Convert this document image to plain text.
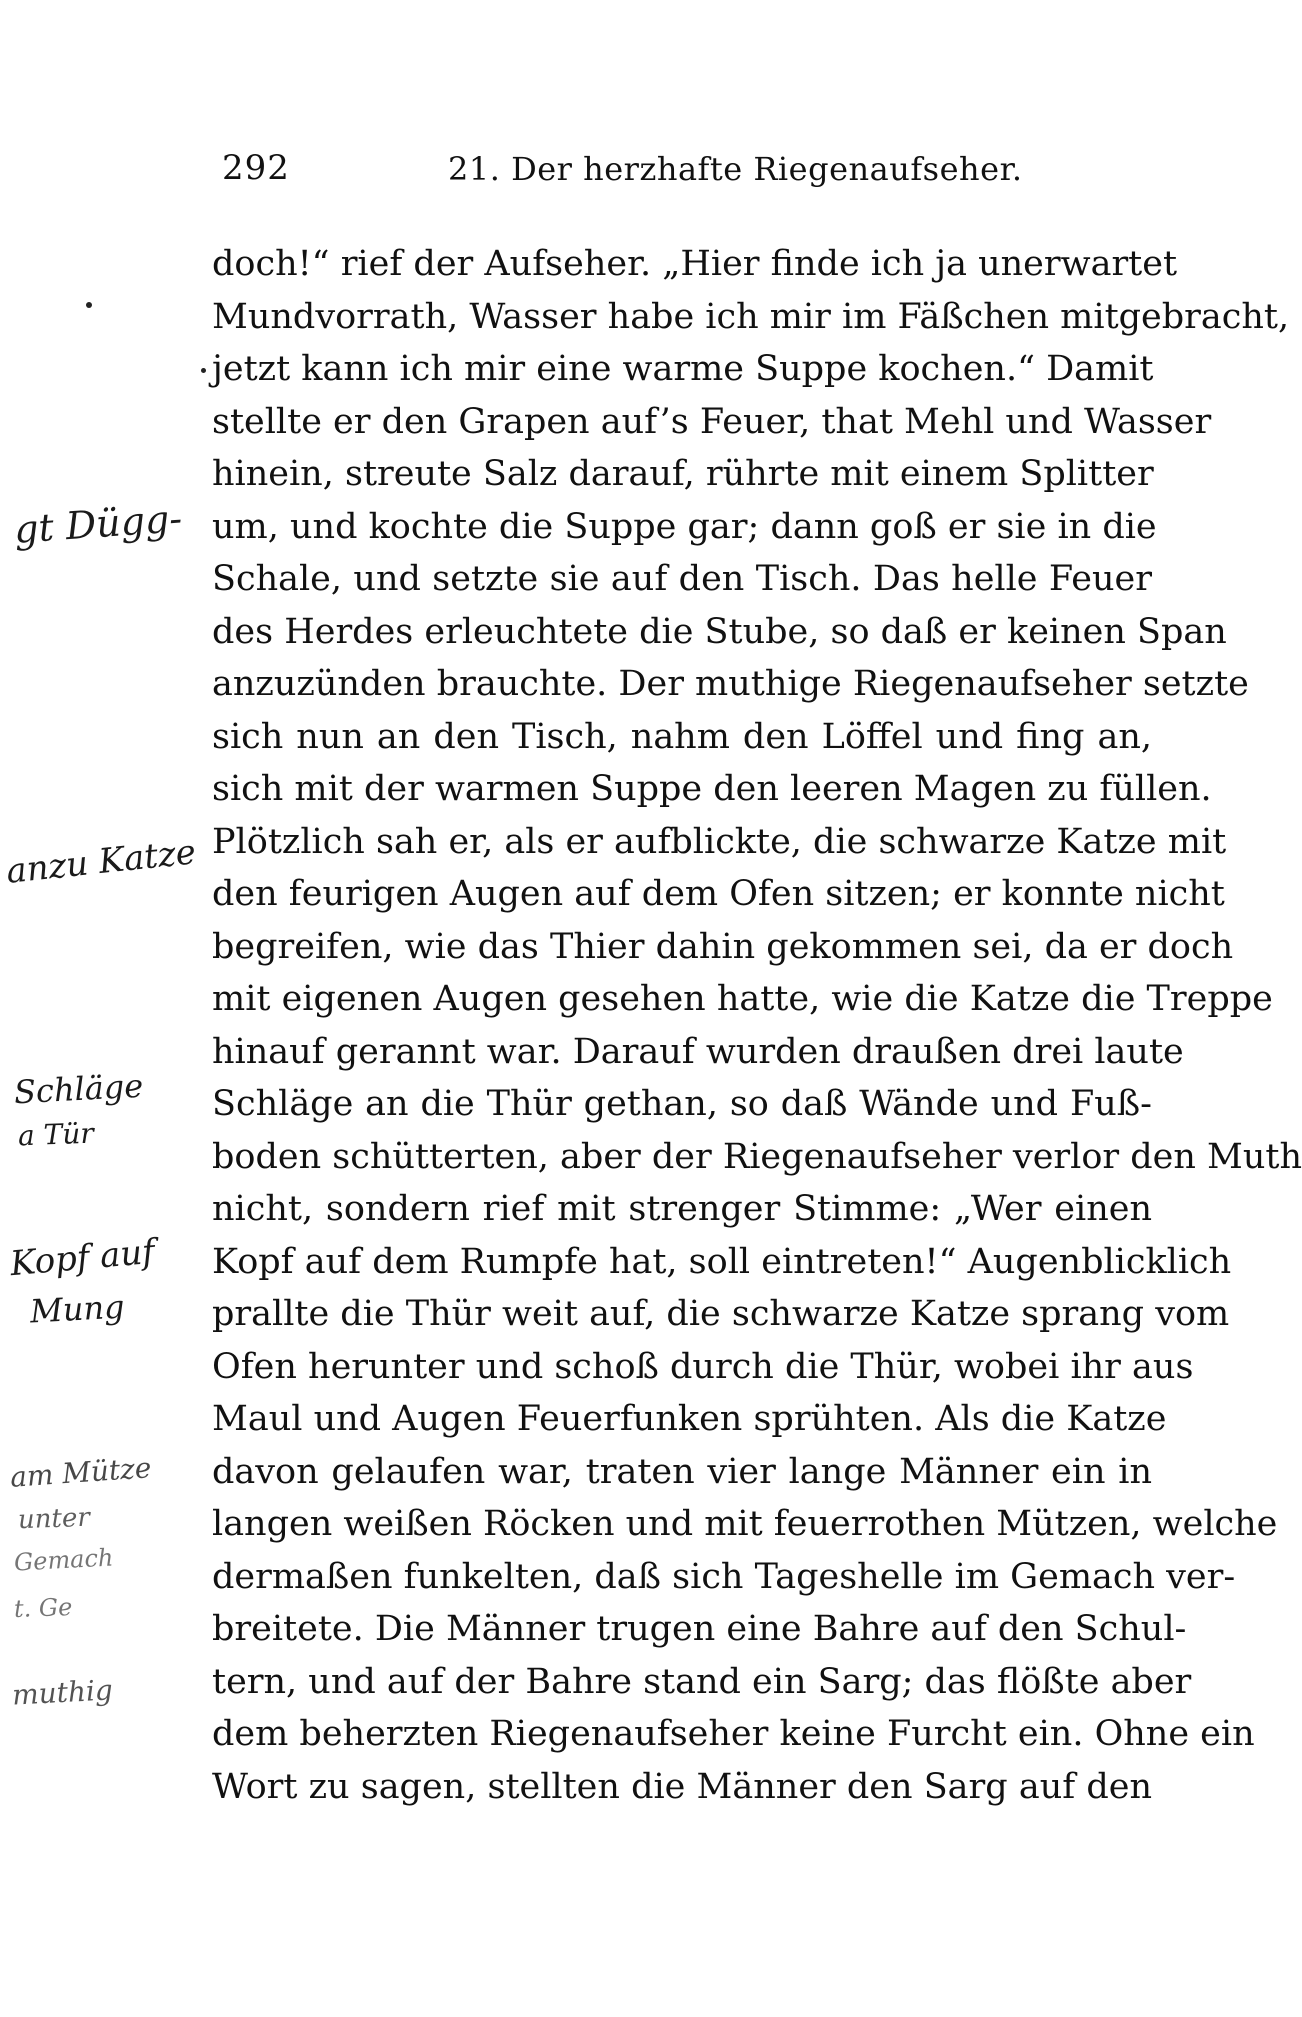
292	21. Der herzhafte Riegenaufseher.
doch!“ rief der Aufseher. „Hier finde ich ja unerwartet
Mundvorrath, Wasser habe ich mir im Fäßchen mitgebracht,
jetzt kann ich mir eine warme Suppe kochen.“ Damit
stellte er den Grapen auf’s Feuer, that Mehl und Wasser
hinein, streute Salz darauf, rührte mit einem Splitter
um, und kochte die Suppe gar; dann goß er sie in die
Schale, und setzte sie auf den Tisch. Das helle Feuer
des Herdes erleuchtete die Stube, so daß er keinen Span
anzuzünden brauchte. Der muthige Riegenaufseher setzte
sich nun an den Tisch, nahm den Löffel und fing an,
sich mit der warmen Suppe den leeren Magen zu füllen.
Plötzlich sah er, als er aufblickte, die schwarze Katze mit
den feurigen Augen auf dem Ofen sitzen; er konnte nicht
begreifen, wie das Thier dahin gekommen sei, da er doch
mit eigenen Augen gesehen hatte, wie die Katze die Treppe
hinauf gerannt war. Darauf wurden draußen drei laute
Schläge an die Thür gethan, so daß Wände und Fuß-
boden schütterten, aber der Riegenaufseher verlor den Muth
nicht, sondern rief mit strenger Stimme: „Wer einen
Kopf auf dem Rumpfe hat, soll eintreten!“ Augenblicklich
prallte die Thür weit auf, die schwarze Katze sprang vom
Ofen herunter und schoß durch die Thür, wobei ihr aus
Maul und Augen Feuerfunken sprühten. Als die Katze
davon gelaufen war, traten vier lange Männer ein in
langen weißen Röcken und mit feuerrothen Mützen, welche
dermaßen funkelten, daß sich Tageshelle im Gemach ver-
breitete. Die Männer trugen eine Bahre auf den Schul-
tern, und auf der Bahre stand ein Sarg; das flößte aber
dem beherzten Riegenaufseher keine Furcht ein. Ohne ein
Wort zu sagen, stellten die Männer den Sarg auf den
gt Dügg-
anzu Katze
Schläge
a Tür
Kopf auf
Mung
am Mütze
unter
Gemach
t. Ge
muthig
